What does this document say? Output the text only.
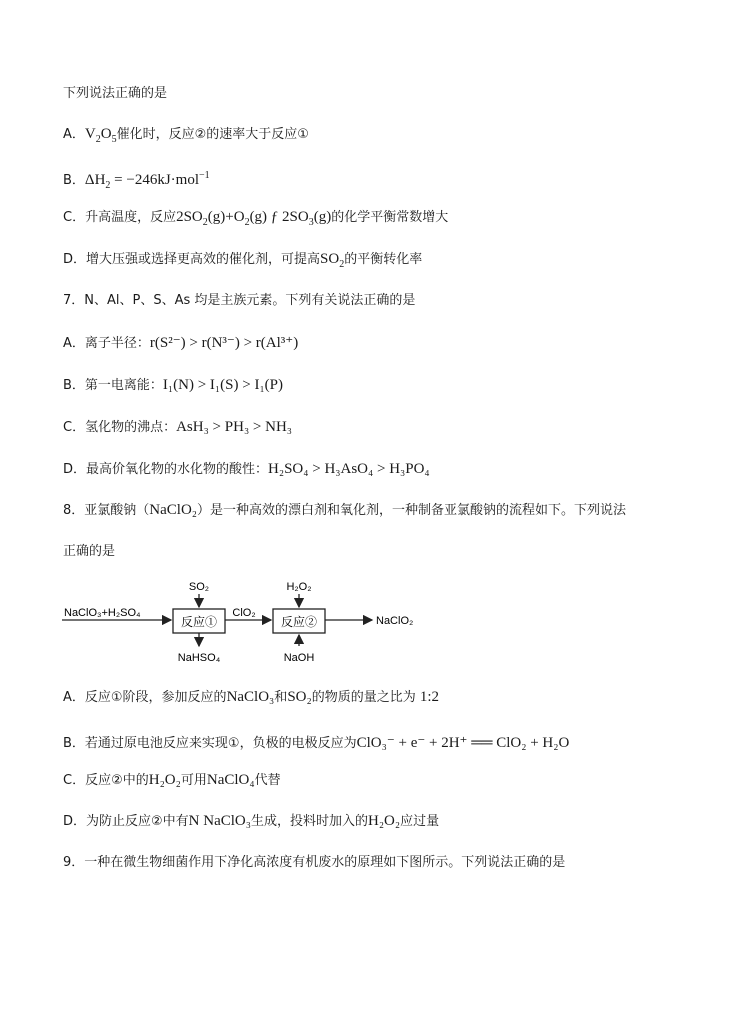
下列说法正确的是
A．$V_2O_5$催化时，反应②的速率大于反应①
B．$\Delta H_2 = -246kJ\cdot mol^{-1}$
C．升高温度，反应$2SO_2(g)+O_2(g)$ ƒ $2SO_3(g)$的化学平衡常数增大
D．增大压强或选择更高效的催化剂，可提高$SO_2$的平衡转化率
7．N、Al、P、S、As 均是主族元素。下列有关说法正确的是
A．离子半径：r(S²⁻) > r(N³⁻) > r(Al³⁺)
B．第一电离能：I₁(N) > I₁(S) > I₁(P)
C．氢化物的沸点：AsH₃ > PH₃ > NH₃
D．最高价氧化物的水化物的酸性：H₂SO₄ > H₃AsO₄ > H₃PO₄
8．亚氯酸钠（NaClO₂）是一种高效的漂白剂和氧化剂，一种制备亚氯酸钠的流程如下。下列说法
正确的是
NaClO₃+H₂SO₄
反应①
SO₂
NaHSO₄
ClO₂
反应②
H₂O₂
NaOH
NaClO₂
A．反应①阶段，参加反应的NaClO₃和SO₂的物质的量之比为 1:2
B．若通过原电池反应来实现①，负极的电极反应为ClO₃⁻ + e⁻ + 2H⁺ ══ ClO₂ + H₂O
C．反应②中的H₂O₂可用NaClO₄代替
D．为防止反应②中有N NaClO₃生成，投料时加入的H₂O₂应过量
9．一种在微生物细菌作用下净化高浓度有机废水的原理如下图所示。下列说法正确的是
